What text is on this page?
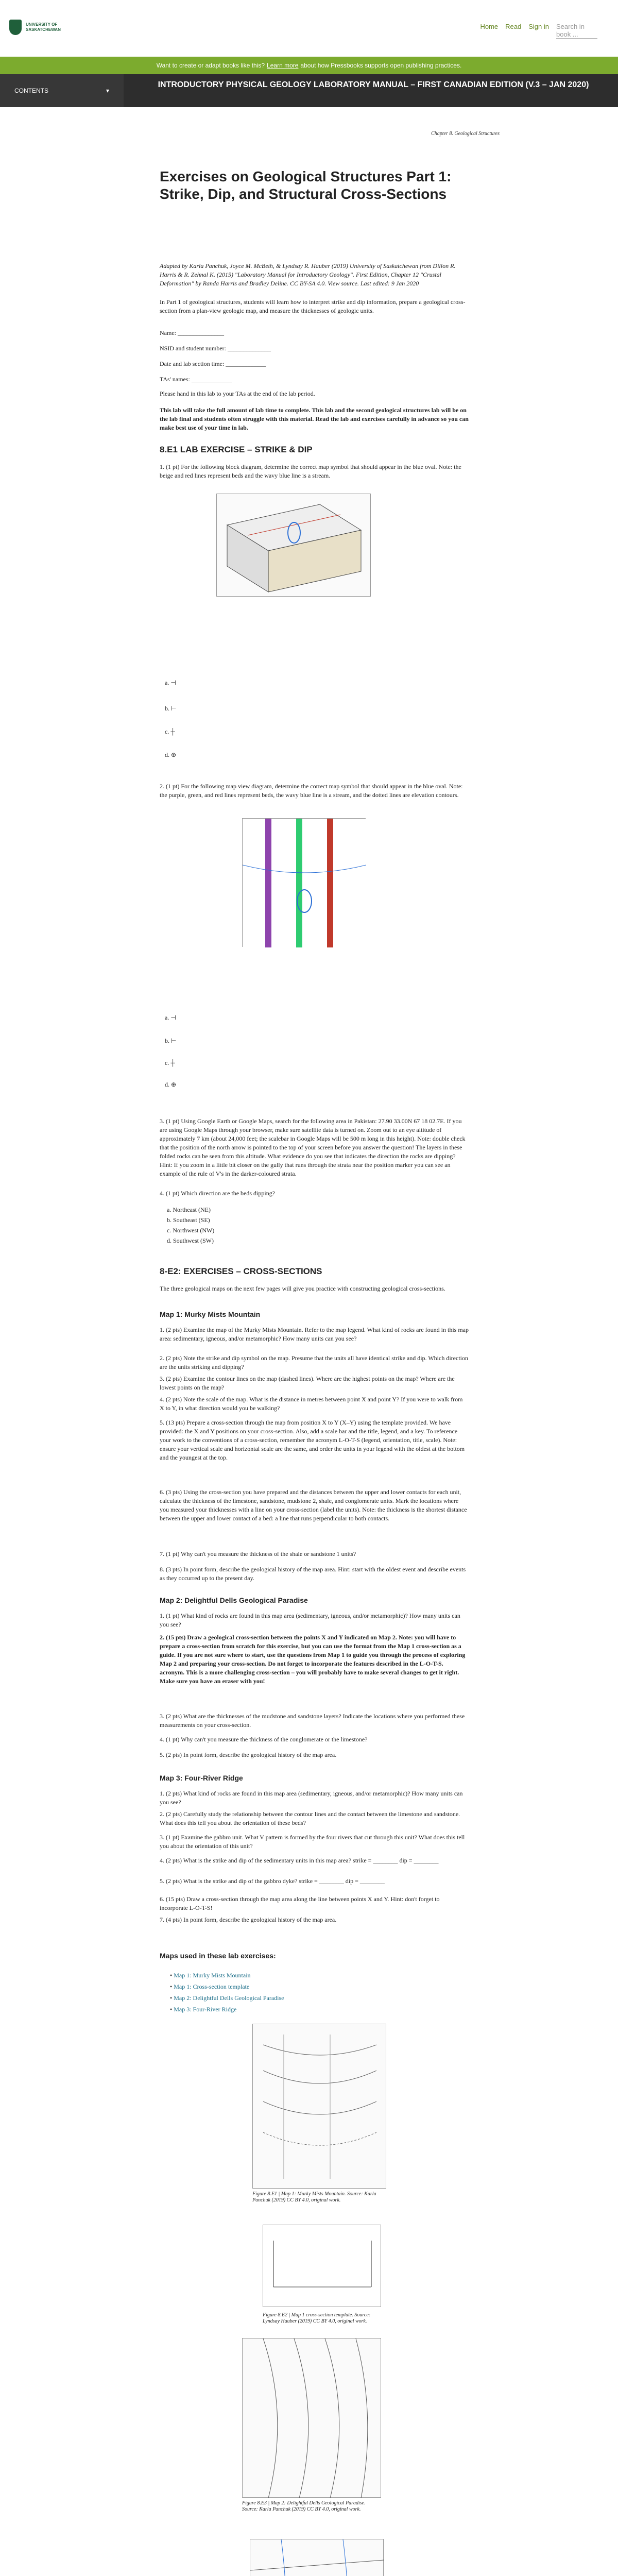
UNIVERSITY OF SASKATCHEWAN	Home Read Sign in Search in book ...
Want to create or adapt books like this? Learn more about how Pressbooks supports open publishing practices.
CONTENTS	▾
INTRODUCTORY PHYSICAL GEOLOGY LABORATORY MANUAL – FIRST CANADIAN EDITION (V.3 – JAN 2020)
Chapter 8. Geological Structures
Exercises on Geological Structures Part 1: Strike, Dip, and Structural Cross-Sections
Adapted by Karla Panchuk, Joyce M. McBeth, & Lyndsay R. Hauber (2019) University of Saskatchewan from Dillon R. Harris & R. Zehnal K. (2015) "Laboratory Manual for Introductory Geology". First Edition, Chapter 12 "Crustal Deformation" by Randa Harris and Bradley Deline. CC BY-SA 4.0. View source. Last edited: 9 Jan 2020
In Part 1 of geological structures, students will learn how to interpret strike and dip information, prepare a geological cross-section from a plan-view geologic map, and measure the thicknesses of geologic units.
Name: _______________
NSID and student number: ______________
Date and lab section time: _____________
TAs' names: _____________
Please hand in this lab to your TAs at the end of the lab period.
This lab will take the full amount of lab time to complete. This lab and the second geological structures lab will be on the lab final and students often struggle with this material. Read the lab and exercises carefully in advance so you can make best use of your time in lab.
8.E1 LAB EXERCISE – STRIKE & DIP
1. (1 pt) For the following block diagram, determine the correct map symbol that should appear in the blue oval. Note: the beige and red lines represent beds and the wavy blue line is a stream.
a. ⊣
b. ⊢
c. ┼
d. ⊕
2. (1 pt) For the following map view diagram, determine the correct map symbol that should appear in the blue oval. Note: the purple, green, and red lines represent beds, the wavy blue line is a stream, and the dotted lines are elevation contours.
a. ⊣
b. ⊢
c. ┼
d. ⊕
3. (1 pt) Using Google Earth or Google Maps, search for the following area in Pakistan: 27.90 33.00N 67 18 02.7E. If you are using Google Maps through your browser, make sure satellite data is turned on. Zoom out to an eye altitude of approximately 7 km (about 24,000 feet; the scalebar in Google Maps will be 500 m long in this height). Note: double check that the position of the north arrow is pointed to the top of your screen before you answer the question! The layers in these folded rocks can be seen from this altitude. What evidence do you see that indicates the direction the rocks are dipping? Hint: If you zoom in a little bit closer on the gully that runs through the strata near the position marker you can see an example of the rule of V's in the darker-coloured strata.
4. (1 pt) Which direction are the beds dipping?
a. Northeast (NE)
b. Southeast (SE)
c. Northwest (NW)
d. Southwest (SW)
8-E2: EXERCISES – CROSS-SECTIONS
The three geological maps on the next few pages will give you practice with constructing geological cross-sections.
Map 1: Murky Mists Mountain
1. (2 pts) Examine the map of the Murky Mists Mountain. Refer to the map legend. What kind of rocks are found in this map area: sedimentary, igneous, and/or metamorphic? How many units can you see?
2. (2 pts) Note the strike and dip symbol on the map. Presume that the units all have identical strike and dip. Which direction are the units striking and dipping?
3. (2 pts) Examine the contour lines on the map (dashed lines). Where are the highest points on the map? Where are the lowest points on the map?
4. (2 pts) Note the scale of the map. What is the distance in metres between point X and point Y? If you were to walk from X to Y, in what direction would you be walking?
5. (13 pts) Prepare a cross-section through the map from position X to Y (X–Y) using the template provided. We have provided: the X and Y positions on your cross-section. Also, add a scale bar and the title, legend, and a key. To reference your work to the conventions of a cross-section, remember the acronym L-O-T-S (legend, orientation, title, scale). Note: ensure your vertical scale and horizontal scale are the same, and order the units in your legend with the oldest at the bottom and the youngest at the top.
6. (3 pts) Using the cross-section you have prepared and the distances between the upper and lower contacts for each unit, calculate the thickness of the limestone, sandstone, mudstone 2, shale, and conglomerate units. Mark the locations where you measured your thicknesses with a line on your cross-section (label the units). Note: the thickness is the shortest distance between the upper and lower contact of a bed: a line that runs perpendicular to both contacts.
7. (1 pt) Why can't you measure the thickness of the shale or sandstone 1 units?
8. (3 pts) In point form, describe the geological history of the map area. Hint: start with the oldest event and describe events as they occurred up to the present day.
Map 2: Delightful Dells Geological Paradise
1. (1 pt) What kind of rocks are found in this map area (sedimentary, igneous, and/or metamorphic)? How many units can you see?
2. (15 pts) Draw a geological cross-section between the points X and Y indicated on Map 2. Note: you will have to prepare a cross-section from scratch for this exercise, but you can use the format from the Map 1 cross-section as a guide. If you are not sure where to start, use the questions from Map 1 to guide you through the process of exploring Map 2 and preparing your cross-section. Do not forget to incorporate the features described in the L-O-T-S. acronym. This is a more challenging cross-section – you will probably have to make several changes to get it right. Make sure you have an eraser with you!
3. (2 pts) What are the thicknesses of the mudstone and sandstone layers? Indicate the locations where you performed these measurements on your cross-section.
4. (1 pt) Why can't you measure the thickness of the conglomerate or the limestone?
5. (2 pts) In point form, describe the geological history of the map area.
Map 3: Four-River Ridge
1. (2 pts) What kind of rocks are found in this map area (sedimentary, igneous, and/or metamorphic)? How many units can you see?
2. (2 pts) Carefully study the relationship between the contour lines and the contact between the limestone and sandstone. What does this tell you about the orientation of these beds?
3. (1 pt) Examine the gabbro unit. What V pattern is formed by the four rivers that cut through this unit? What does this tell you about the orientation of this unit?
4. (2 pts) What is the strike and dip of the sedimentary units in this map area? strike = ________ dip = ________
5. (2 pts) What is the strike and dip of the gabbro dyke? strike = ________ dip = ________
6. (15 pts) Draw a cross-section through the map area along the line between points X and Y. Hint: don't forget to incorporate L-O-T-S!
7. (4 pts) In point form, describe the geological history of the map area.
Maps used in these lab exercises:
• Map 1: Murky Mists Mountain
• Map 1: Cross-section template
• Map 2: Delightful Dells Geological Paradise
• Map 3: Four-River Ridge
Figure 8.E1 | Map 1: Murky Mists Mountain. Source: Karla Panchuk (2019) CC BY 4.0, original work.
Figure 8.E2 | Map 1 cross-section template. Source: Lyndsay Hauber (2019) CC BY 4.0, original work.
Figure 8.E3 | Map 2: Delightful Dells Geological Paradise. Source: Karla Panchuk (2019) CC BY 4.0, original work.
